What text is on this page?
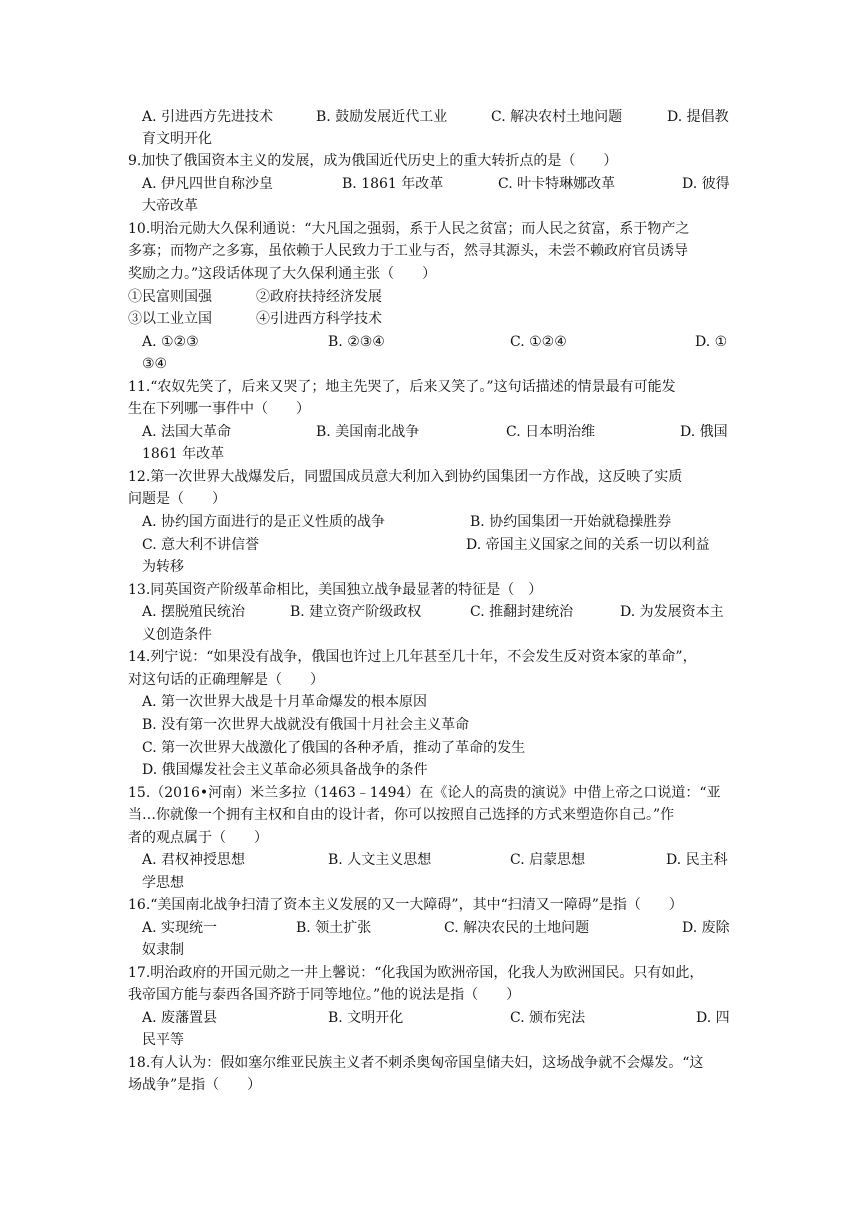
A. 引进西方先进技术	B. 鼓励发展近代工业	C. 解决农村土地问题	D. 提倡教
育文明开化
9.加快了俄国资本主义的发展，成为俄国近代历史上的重大转折点的是（　　）
A. 伊凡四世自称沙皇	B. 1861 年改革	C. 叶卡特琳娜改革	D. 彼得
大帝改革
10.明治元勋大久保利通说：“大凡国之强弱，系于人民之贫富；而人民之贫富，系于物产之
多寡；而物产之多寡，虽依赖于人民致力于工业与否，然寻其源头，未尝不赖政府官员诱导
奖励之力。”这段话体现了大久保利通主张（　　）
①民富则国强	②政府扶持经济发展
③以工业立国	④引进西方科学技术
A. ①②③	B. ②③④	C. ①②④	D. ①
③④
11.“农奴先笑了，后来又哭了；地主先哭了，后来又笑了。”这句话描述的情景最有可能发
生在下列哪一事件中（　　）
A. 法国大革命	B. 美国南北战争	C. 日本明治维	D. 俄国
1861 年改革
12.第一次世界大战爆发后，同盟国成员意大利加入到协约国集团一方作战，这反映了实质
问题是（　　）
A. 协约国方面进行的是正义性质的战争	B. 协约国集团一开始就稳操胜券
C. 意大利不讲信誉	D. 帝国主义国家之间的关系一切以利益
为转移
13.同英国资产阶级革命相比，美国独立战争最显著的特征是（　）
A. 摆脱殖民统治	B. 建立资产阶级政权	C. 推翻封建统治	D. 为发展资本主
义创造条件
14.列宁说：“如果没有战争，俄国也许过上几年甚至几十年，不会发生反对资本家的革命”，
对这句话的正确理解是（　　）
A. 第一次世界大战是十月革命爆发的根本原因
B. 没有第一次世界大战就没有俄国十月社会主义革命
C. 第一次世界大战激化了俄国的各种矛盾，推动了革命的发生
D. 俄国爆发社会主义革命必须具备战争的条件
15.（2016•河南）米兰多拉（1463﹣1494）在《论人的高贵的演说》中借上帝之口说道：“亚
当…你就像一个拥有主权和自由的设计者，你可以按照自己选择的方式来塑造你自己。”作
者的观点属于（　　）
A. 君权神授思想	B. 人文主义思想	C. 启蒙思想	D. 民主科
学思想
16.“美国南北战争扫清了资本主义发展的又一大障碍”，其中“扫清又一障碍”是指（　　）
A. 实现统一	B. 领土扩张	C. 解决农民的土地问题	D. 废除
奴隶制
17.明治政府的开国元勋之一井上馨说：“化我国为欧洲帝国，化我人为欧洲国民。只有如此，
我帝国方能与泰西各国齐跻于同等地位。”他的说法是指（　　）
A. 废藩置县	B. 文明开化	C. 颁布宪法	D. 四
民平等
18.有人认为：假如塞尔维亚民族主义者不刺杀奥匈帝国皇储夫妇，这场战争就不会爆发。“这
场战争”是指（　　）
